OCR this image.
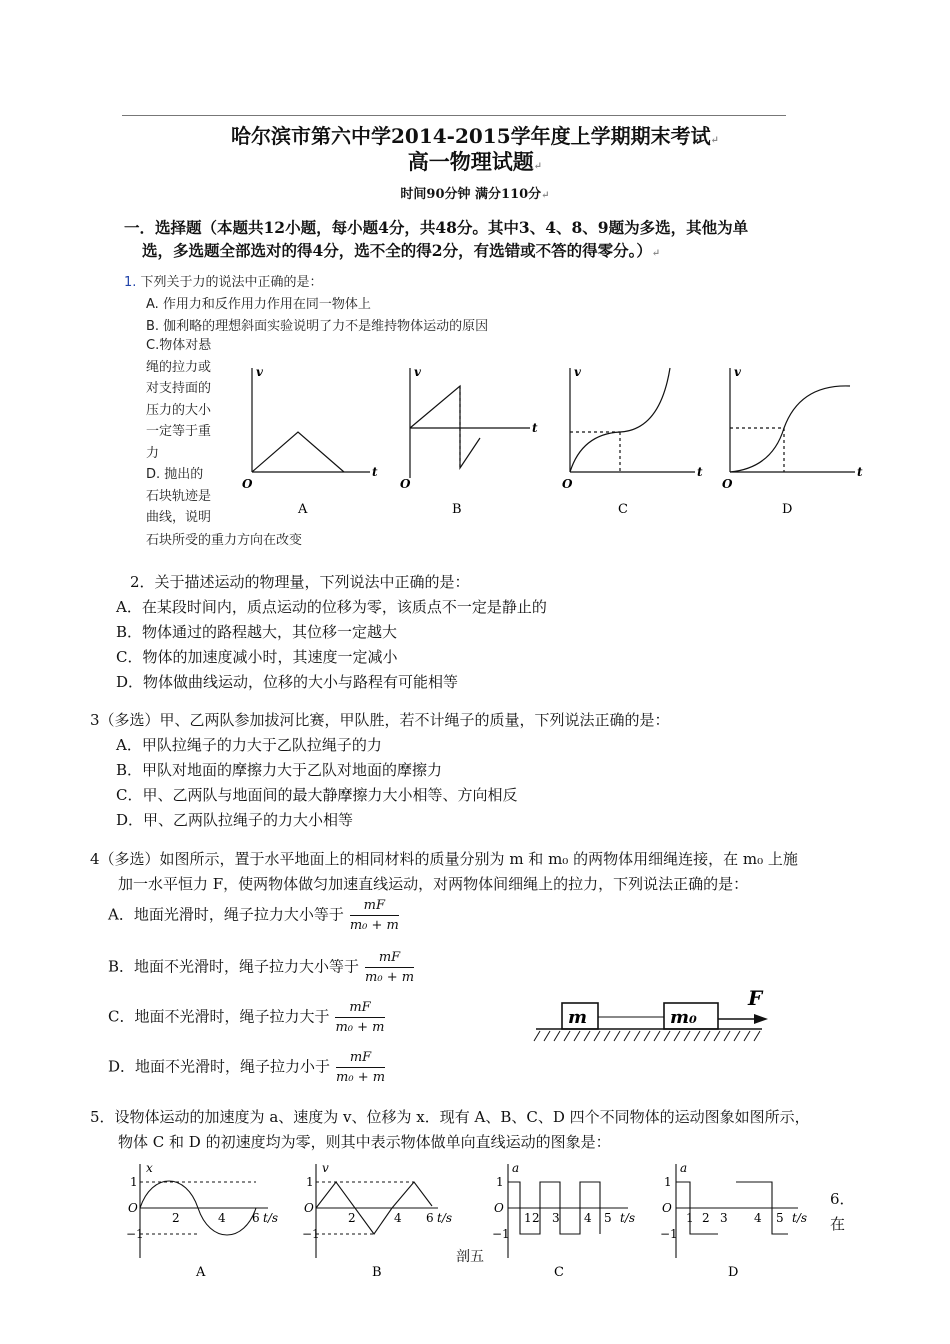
哈尔滨市第六中学2014-2015学年度上学期期末考试↵
高一物理试题↵
时间90分钟 满分110分↵
一．选择题（本题共12小题，每小题4分，共48分。其中3、4、8、9题为多选，其他为单
选，多选题全部选对的得4分，选不全的得2分，有选错或不答的得零分。）↵
1. 下列关于力的说法中正确的是：
A. 作用力和反作用力作用在同一物体上
B. 伽利略的理想斜面实验说明了力不是维持物体运动的原因
C.物体对悬
绳的拉力或
对支持面的
压力的大小
一定等于重
力
D. 抛出的
石块轨迹是
曲线，说明
石块所受的重力方向在改变
v
t
O
v
t
O
v
t
O
v
t
O
A	B	C	D
2．关于描述运动的物理量，下列说法中正确的是：
A．在某段时间内，质点运动的位移为零，该质点不一定是静止的
B．物体通过的路程越大，其位移一定越大
C．物体的加速度减小时，其速度一定减小
D．物体做曲线运动，位移的大小与路程有可能相等
3（多选）甲、乙两队参加拔河比赛，甲队胜，若不计绳子的质量，下列说法正确的是：
A．甲队拉绳子的力大于乙队拉绳子的力
B．甲队对地面的摩擦力大于乙队对地面的摩擦力
C．甲、乙两队与地面间的最大静摩擦力大小相等、方向相反
D．甲、乙两队拉绳子的力大小相等
4（多选）如图所示，置于水平地面上的相同材料的质量分别为 m 和 m₀ 的两物体用细绳连接，在 m₀ 上施
加一水平恒力 F，使两物体做匀加速直线运动，对两物体间细绳上的拉力，下列说法正确的是：
A．地面光滑时，绳子拉力大小等于 $\frac{mF}{\text{m₀ + m}}$
B．地面不光滑时，绳子拉力大小等于 $\frac{mF}{\text{m₀ + m}}$
C．地面不光滑时，绳子拉力大于 $\frac{mF}{\text{m₀ + m}}$
D．地面不光滑时，绳子拉力小于 $\frac{mF}{\text{m₀ + m}}$
m	m₀
F
5．设物体运动的加速度为 a、速度为 v、位移为 x．现有 A、B、C、D 四个不同物体的运动图象如图所示，
物体 C 和 D 的初速度均为零，则其中表示物体做单向直线运动的图象是：
x
1
−1
O
2	4 6 t/s
v
1
−1
O
2	4 6 t/s
a
1
−1
O
1 2 3 4 5 t/s
a
1
−1
O
1 2 3 4 5 t/s
A	B	C	D
剖五
6．
在
